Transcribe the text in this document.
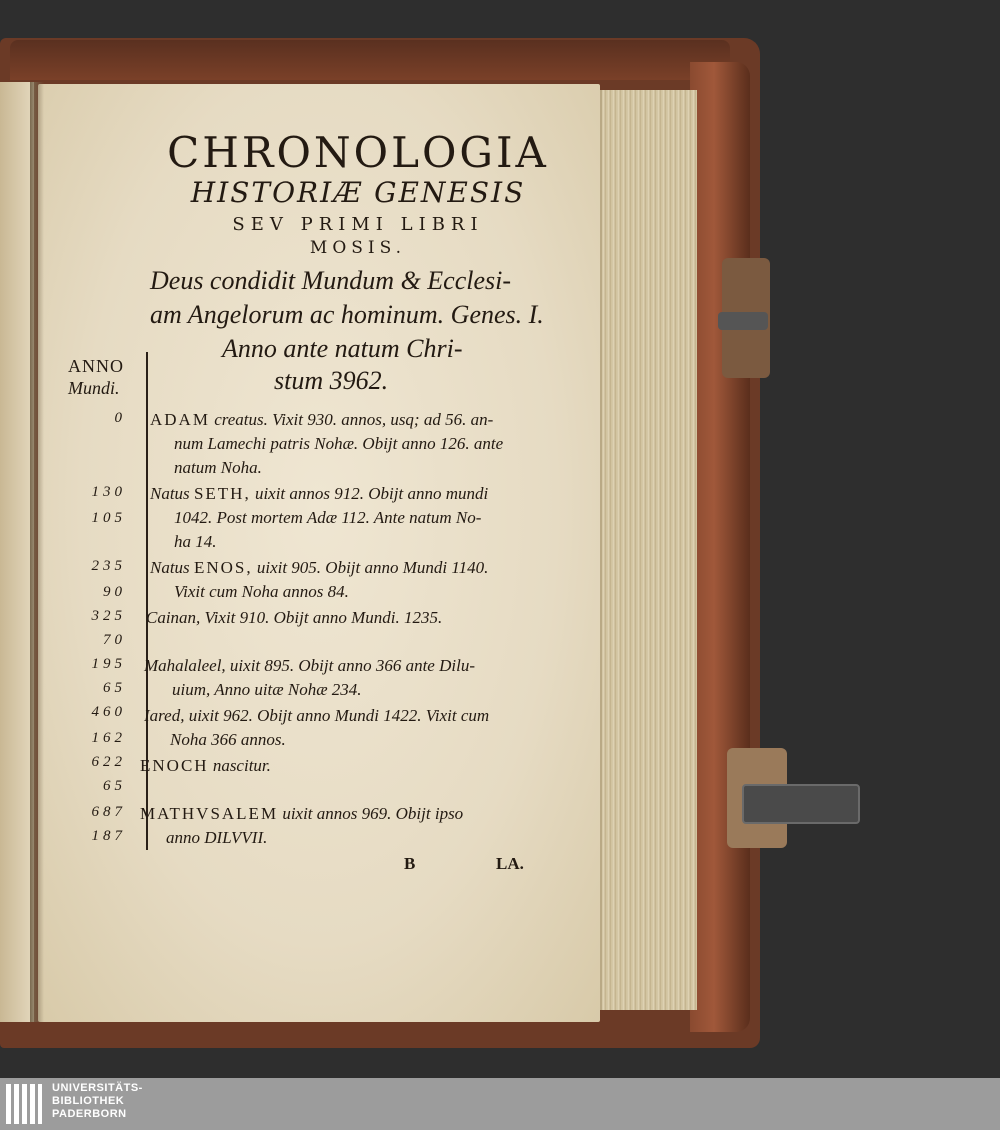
CHRONOLOGIA
HISTORIÆ GENESIS
SEV PRIMI LIBRI
MOSIS.
Deus condidit Mundum & Ecclesi-
am Angelorum ac hominum. Genes. I.
Anno ante natum Chri-
stum 3962.
ANNO
Mundi.
0
130
105
235
90
325
70
195
65
460
162
622
65
687
187

ADAM creatus. Vixit 930. annos, usq; ad 56. an-
num Lamechi patris Nohæ. Obijt anno 126. ante
natum Noha.

Natus SETH, uixit annos 912. Obijt anno mundi
1042. Post mortem Adæ 112. Ante natum No-
ha 14.

Natus ENOS, uixit 905. Obijt anno Mundi 1140.
Vixit cum Noha annos 84.

Cainan, Vixit 910. Obijt anno Mundi. 1235.

Mahalaleel, uixit 895. Obijt anno 366 ante Dilu-
uium, Anno uitæ Nohæ 234.

Iared, uixit 962. Obijt anno Mundi 1422. Vixit cum
Noha 366 annos.

ENOCH nascitur.

MATHVSALEM uixit annos 969. Obijt ipso
anno DILVVII.

B	LA.
UNIVERSITÄTS-
BIBLIOTHEK
PADERBORN
